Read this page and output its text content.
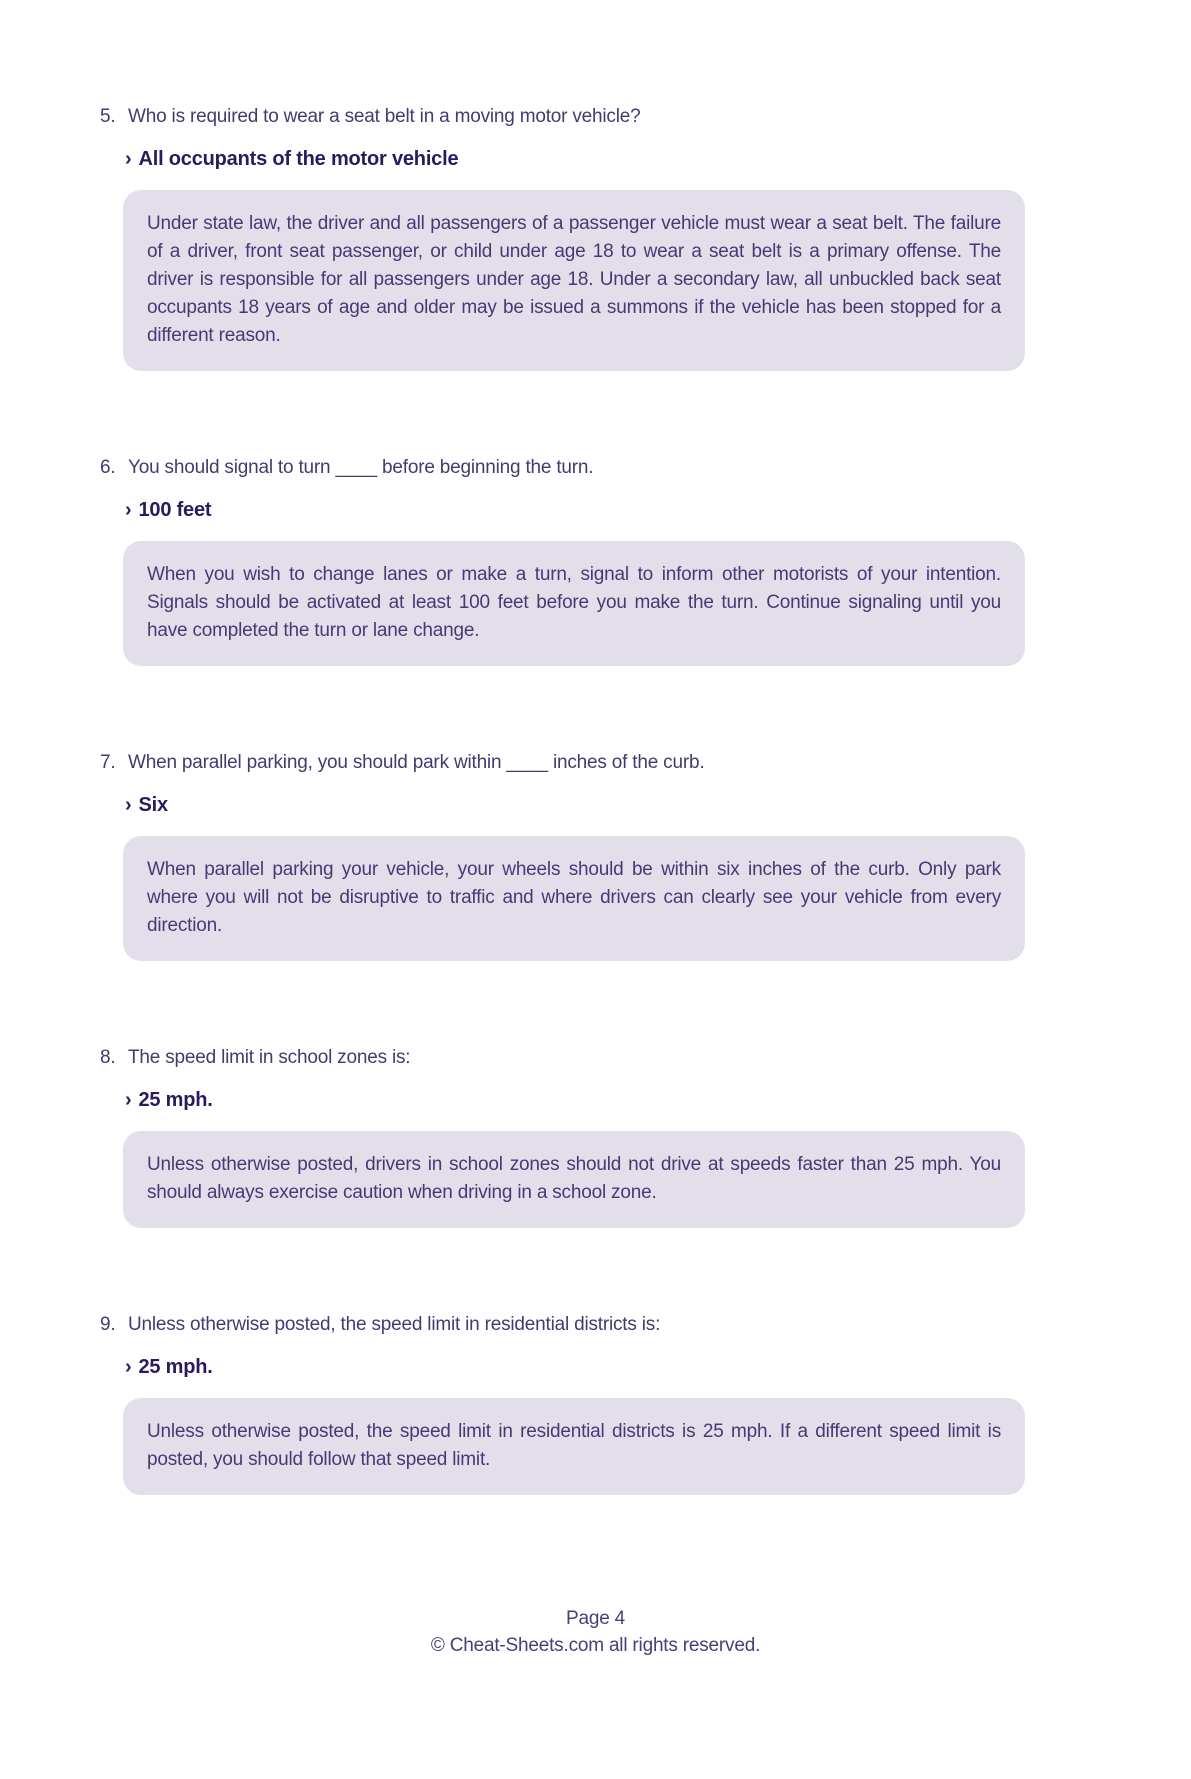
5. Who is required to wear a seat belt in a moving motor vehicle?
› All occupants of the motor vehicle
Under state law, the driver and all passengers of a passenger vehicle must wear a seat belt. The failure of a driver, front seat passenger, or child under age 18 to wear a seat belt is a primary offense. The driver is responsible for all passengers under age 18. Under a secondary law, all unbuckled back seat occupants 18 years of age and older may be issued a summons if the vehicle has been stopped for a different reason.
6. You should signal to turn ____ before beginning the turn.
› 100 feet
When you wish to change lanes or make a turn, signal to inform other motorists of your intention. Signals should be activated at least 100 feet before you make the turn. Continue signaling until you have completed the turn or lane change.
7. When parallel parking, you should park within ____ inches of the curb.
› Six
When parallel parking your vehicle, your wheels should be within six inches of the curb. Only park where you will not be disruptive to traffic and where drivers can clearly see your vehicle from every direction.
8. The speed limit in school zones is:
› 25 mph.
Unless otherwise posted, drivers in school zones should not drive at speeds faster than 25 mph. You should always exercise caution when driving in a school zone.
9. Unless otherwise posted, the speed limit in residential districts is:
› 25 mph.
Unless otherwise posted, the speed limit in residential districts is 25 mph. If a different speed limit is posted, you should follow that speed limit.
Page 4
© Cheat-Sheets.com all rights reserved.
